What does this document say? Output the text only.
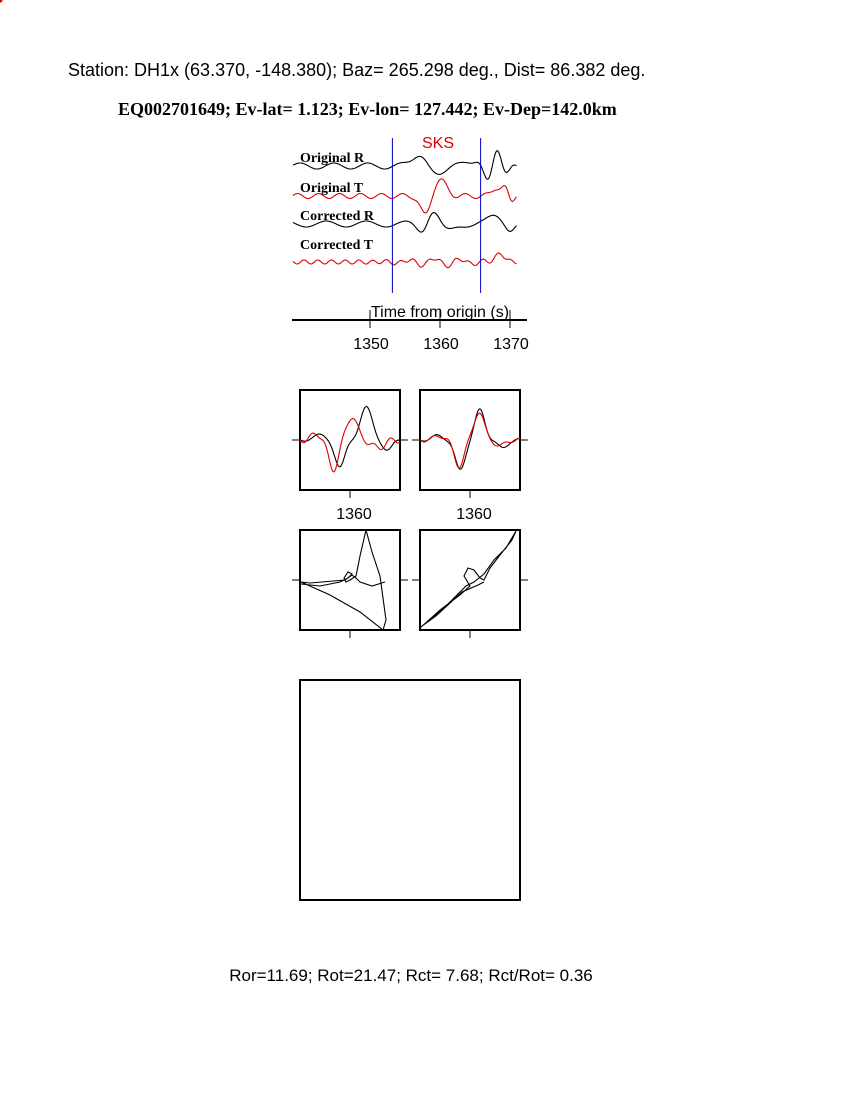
Station: DH1x (63.370, -148.380); Baz= 265.298 deg., Dist= 86.382 deg.
EQ002701649; Ev-lat= 1.123; Ev-lon= 127.442; Ev-Dep=142.0km
SKS
Original R
Original T
Corrected R
Corrected T
Time from origin (s)
1350 1360 1370
1360	1360
Ror=11.69; Rot=21.47; Rct= 7.68; Rct/Rot= 0.36
